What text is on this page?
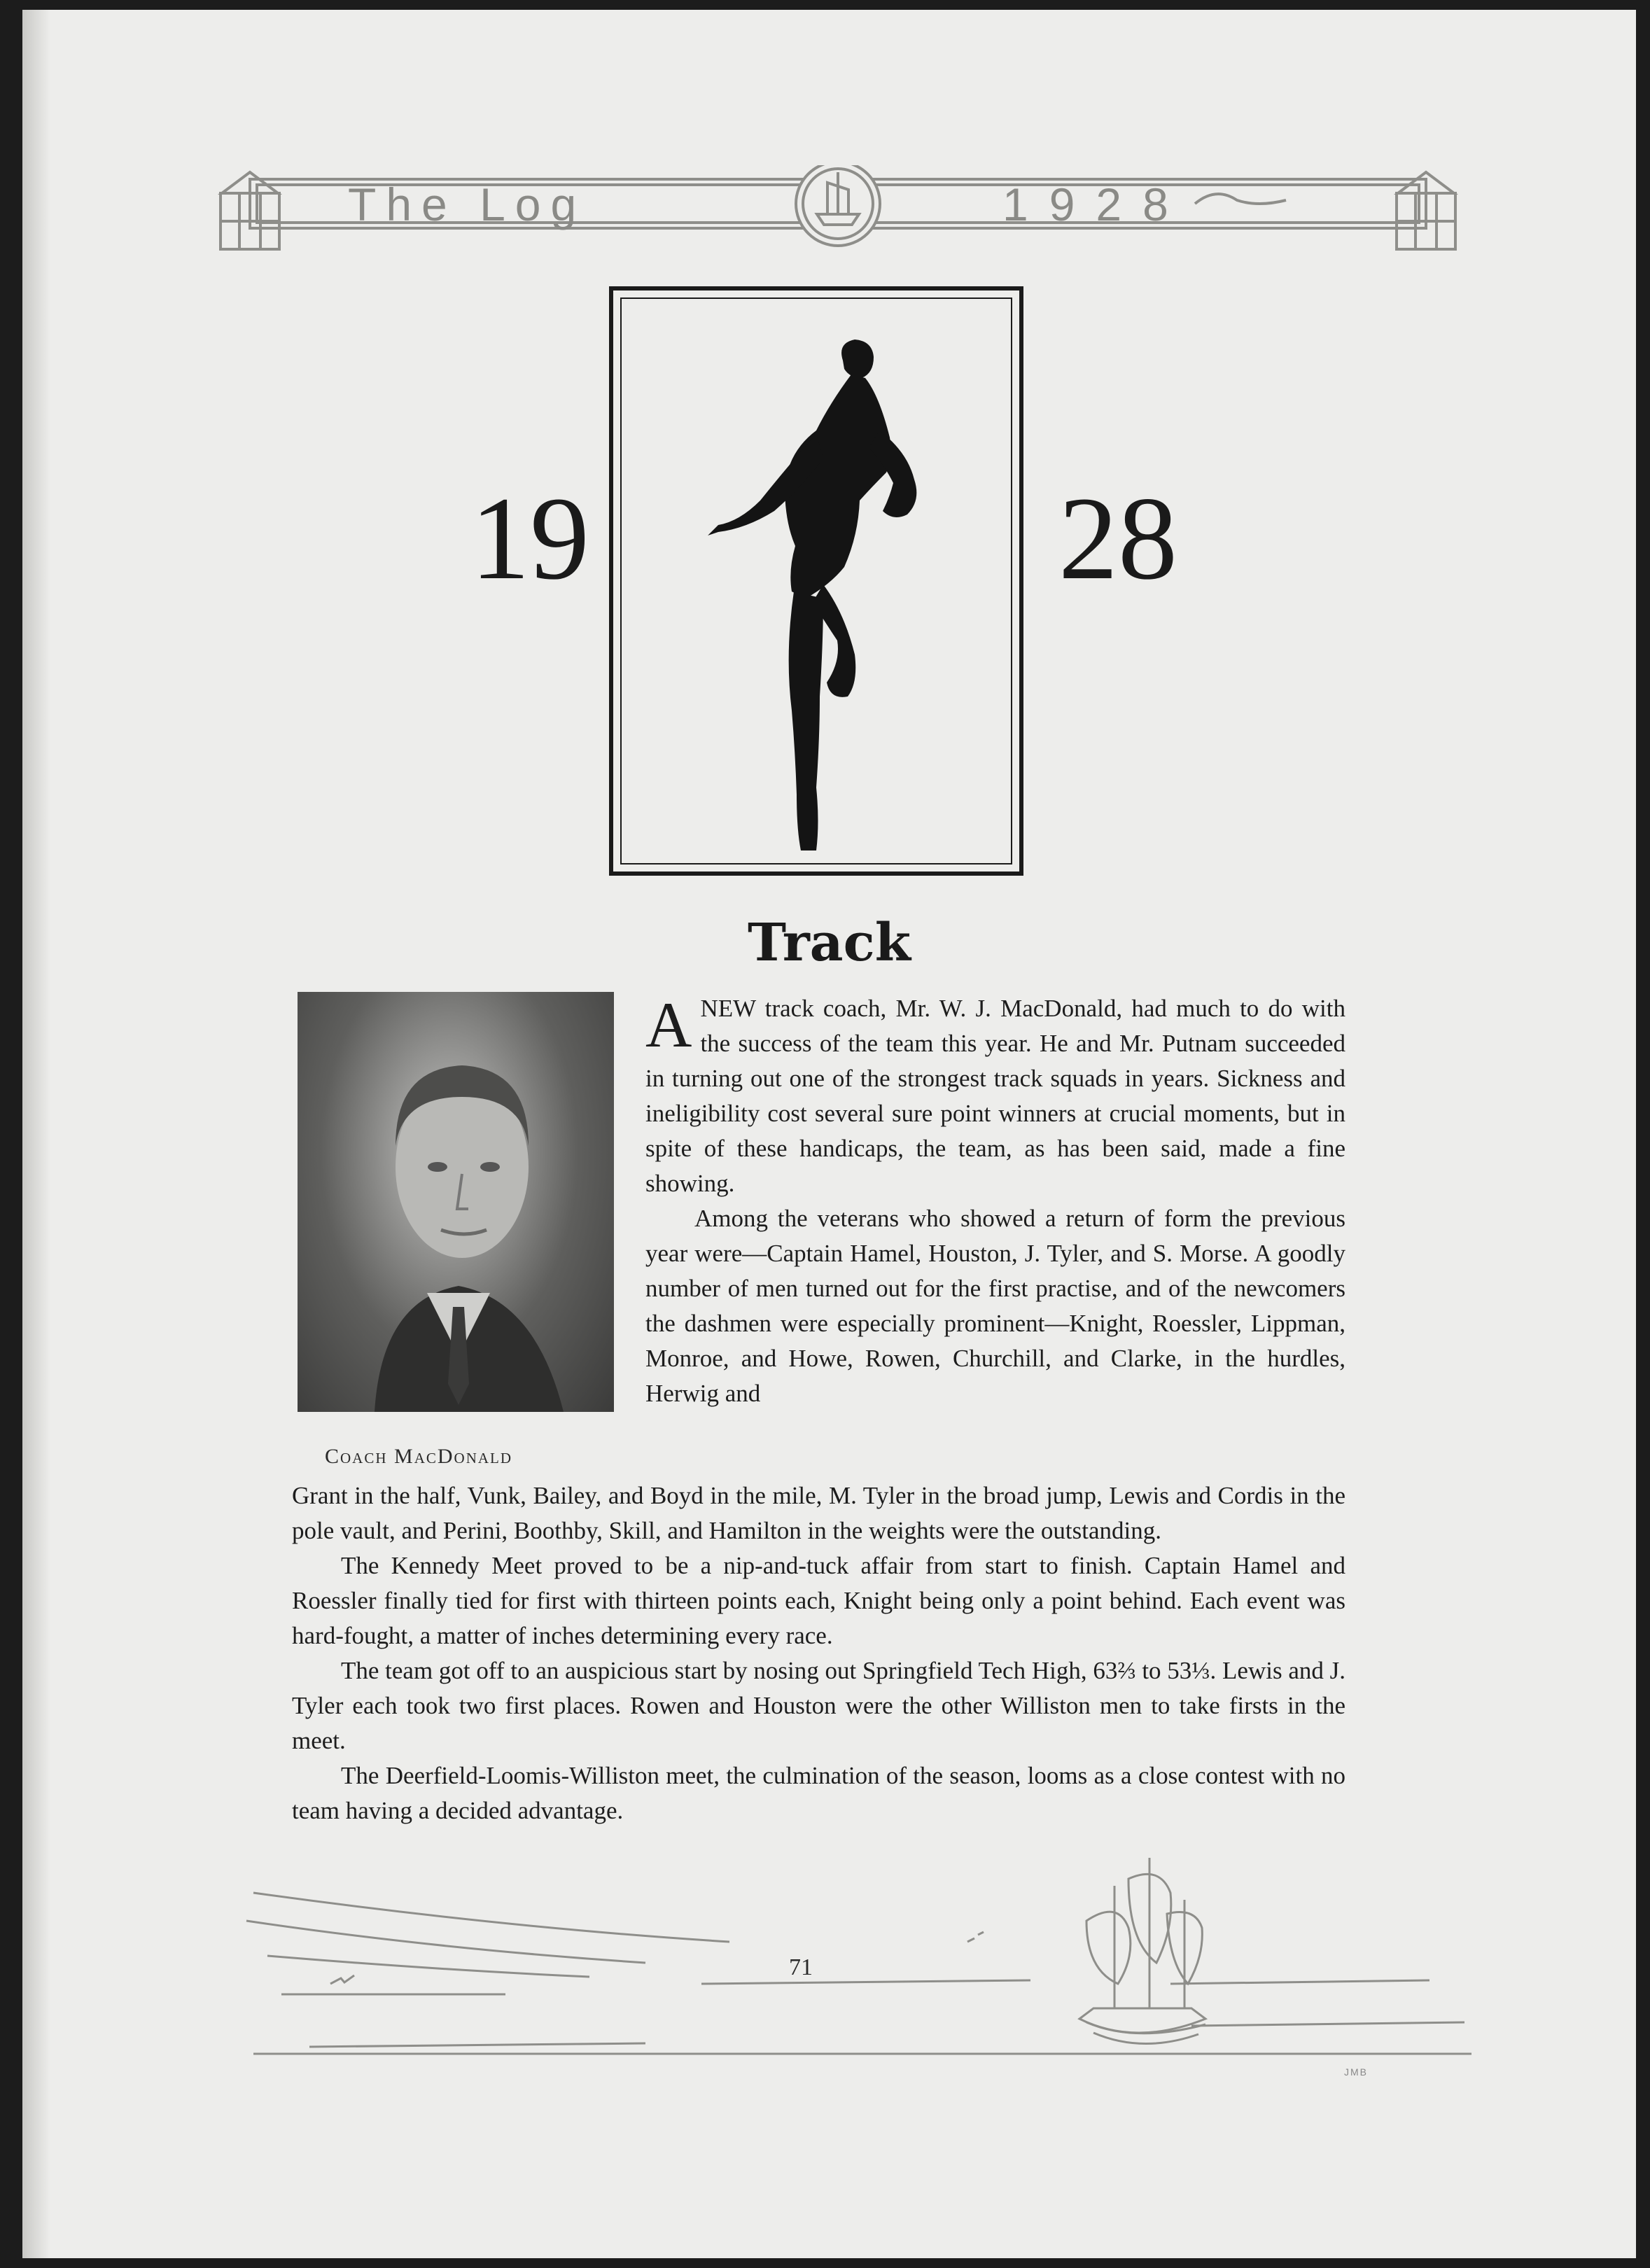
The Log	1928
19	28
Track
Coach MacDonald

ANEW track coach, Mr. W. J. MacDonald, had much to do with the success of the team this year. He and Mr. Putnam succeeded in turning out one of the strongest track squads in years. Sickness and ineligibility cost several sure point winners at crucial moments, but in spite of these handicaps, the team, as has been said, made a fine showing.

Among the veterans who showed a return of form the previous year were—Captain Hamel, Houston, J. Tyler, and S. Morse. A goodly number of men turned out for the first practise, and of the newcomers the dashmen were especially prominent—Knight, Roessler, Lippman, Monroe, and Howe, Rowen, Churchill, and Clarke, in the hurdles, Herwig and

Grant in the half, Vunk, Bailey, and Boyd in the mile, M. Tyler in the broad jump, Lewis and Cordis in the pole vault, and Perini, Boothby, Skill, and Hamilton in the weights were the outstanding.

The Kennedy Meet proved to be a nip-and-tuck affair from start to finish. Captain Hamel and Roessler finally tied for first with thirteen points each, Knight being only a point behind. Each event was hard-fought, a matter of inches determining every race.

The team got off to an auspicious start by nosing out Springfield Tech High, 63⅔ to 53⅓. Lewis and J. Tyler each took two first places. Rowen and Houston were the other Williston men to take firsts in the meet.

The Deerfield-Loomis-Williston meet, the culmination of the season, looms as a close contest with no team having a decided advantage.

71
JMB
